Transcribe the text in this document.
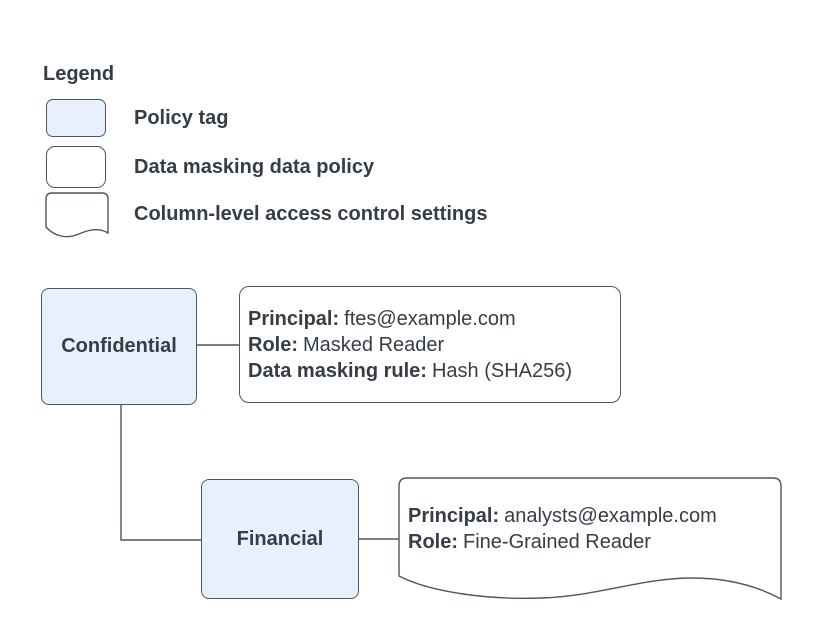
Legend
Policy tag
Data masking data policy
Column-level access control settings
Confidential
Principal: ftes@example.com
Role: Masked Reader
Data masking rule: Hash (SHA256)
Financial
Principal: analysts@example.com
Role: Fine-Grained Reader
